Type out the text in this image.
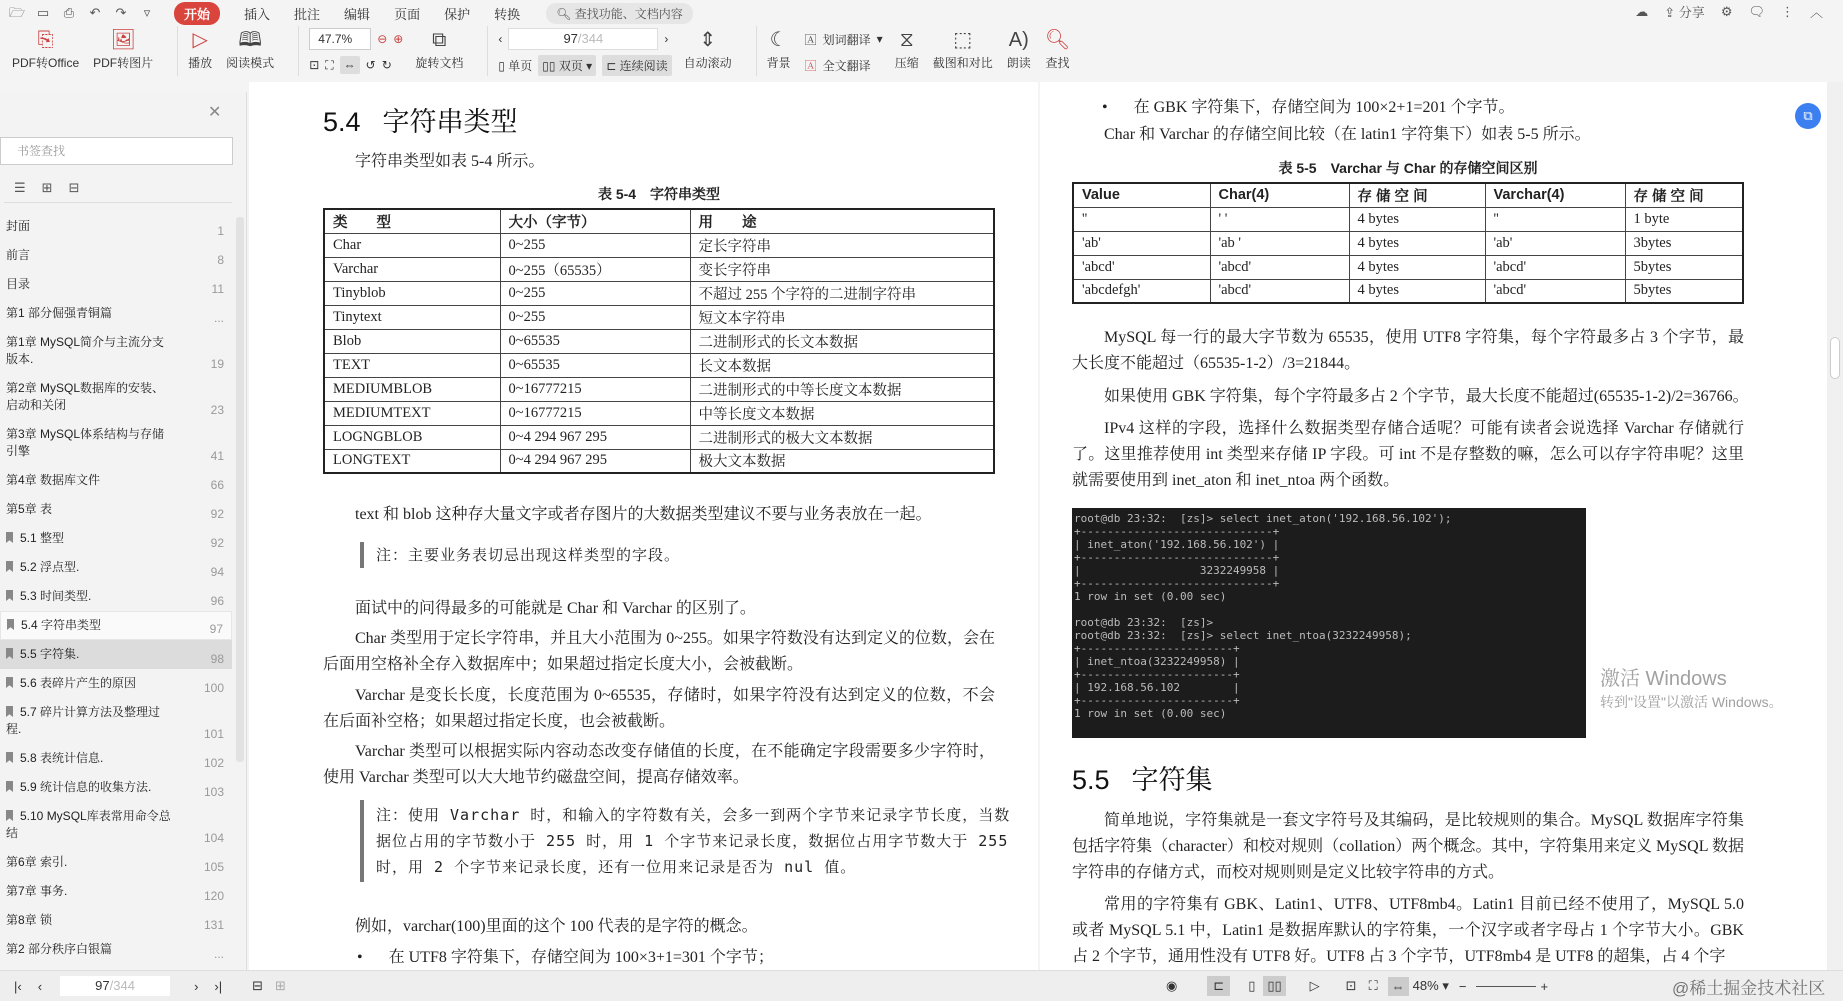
🗁 ▭ ⎙ ↶ ↷	▿	开始	插入 批注 编辑 页面 保护 转换	🔍︎ 查找功能、文档内容	☁ ⇪ 分享 ⚙ 🗨︎ ⋮ ︿
⎘
PDF转Office
🖼︎
PDF转图片
▷
播放
🕮
阅读模式
47.7%	⊖ ⊕
⊡ ⛶ ⇔ ↺ ↻
⧉
旋转文档
‹	97/344	›
▯ 单页 ▯▯ 双页 ▾	⊏ 连续阅读
⇕
自动滚动
☾
背景
🄰 划词翻译 ▾
🄰 全文翻译
⧖
压缩
⬚
截图和对比
A)
朗读
🔍︎
查找
✕
书签查找
☰ ⊞ ⊟
封面	1
前言	8
目录	11
第1 部分倔强青铜篇	...
第1章 MySQL简介与主流分支版本.	19
第2章 MySQL数据库的安装、启动和关闭	23
第3章 MySQL体系结构与存储引擎	41
第4章 数据库文件	66
第5章 表	92
5.1 整型	92
5.2 浮点型.	94
5.3 时间类型.	96
5.4 字符串类型	97
5.5 字符集.	98
5.6 表碎片产生的原因	100
5.7 碎片计算方法及整理过程.	101
5.8 表统计信息.	102
5.9 统计信息的收集方法.	103
5.10 MySQL库表常用命令总结	104
第6章 索引.	105
第7章 事务.	120
第8章 锁	131
第2 部分秩序白银篇	...
5.4 字符串类型
字符串类型如表 5-4 所示。
表 5-4　字符串类型
类　　型	大小（字节）	用　　途
Char	0~255	定长字符串
Varchar	0~255（65535）	变长字符串
Tinyblob	0~255	不超过 255 个字符的二进制字符串
Tinytext	0~255	短文本字符串
Blob	0~65535	二进制形式的长文本数据
TEXT	0~65535	长文本数据
MEDIUMBLOB	0~16777215	二进制形式的中等长度文本数据
MEDIUMTEXT	0~16777215	中等长度文本数据
LOGNGBLOB	0~4 294 967 295	二进制形式的极大文本数据
LONGTEXT	0~4 294 967 295	极大文本数据
text 和 blob 这种存大量文字或者存图片的大数据类型建议不要与业务表放在一起。
注：主要业务表切忌出现这样类型的字段。
面试中的问得最多的可能就是 Char 和 Varchar 的区别了。
Char 类型用于定长字符串，并且大小范围为 0~255。如果字符数没有达到定义的位数，会在后面用空格补全存入数据库中；如果超过指定长度大小，会被截断。
Varchar 是变长长度，长度范围为 0~65535，存储时，如果字符没有达到定义的位数，不会在后面补空格；如果超过指定长度，也会被截断。
Varchar 类型可以根据实际内容动态改变存储值的长度，在不能确定字段需要多少字符时，使用 Varchar 类型可以大大地节约磁盘空间，提高存储效率。
注：使用 Varchar 时，和输入的字符数有关，会多一到两个字节来记录字节长度，当数据位占用的字节数小于 255 时，用 1 个字节来记录长度，数据位占用字节数大于 255 时，用 2 个字节来记录长度，还有一位用来记录是否为 nul 值。
例如，varchar(100)里面的这个 100 代表的是字符的概念。
• 在 UTF8 字符集下，存储空间为 100×3+1=301 个字节；
• 在 GBK 字符集下，存储空间为 100×2+1=201 个字节。
Char 和 Varchar 的存储空间比较（在 latin1 字符集下）如表 5-5 所示。
表 5-5　Varchar 与 Char 的存储空间区别
Value	Char(4)	存 储 空 间	Varchar(4)	存 储 空 间
''	' '	4 bytes	''	1 byte
'ab'	'ab '	4 bytes	'ab'	3bytes
'abcd'	'abcd'	4 bytes	'abcd'	5bytes
'abcdefgh'	'abcd'	4 bytes	'abcd'	5bytes
MySQL 每一行的最大字节数为 65535，使用 UTF8 字符集，每个字符最多占 3 个字节，最大长度不能超过（65535-1-2）/3=21844。
如果使用 GBK 字符集，每个字符最多占 2 个字节，最大长度不能超过(65535-1-2)/2=36766。
IPv4 这样的字段，选择什么数据类型存储合适呢？可能有读者会说选择 Varchar 存储就行了。这里推荐使用 int 类型来存储 IP 字段。可 int 不是存整数的嘛，怎么可以存字符串呢？这里就需要使用到 inet_aton 和 inet_ntoa 两个函数。
root@db 23:32:  [zs]> select inet_aton('192.168.56.102');
+-----------------------------+
| inet_aton('192.168.56.102') |
+-----------------------------+
|                  3232249958 |
+-----------------------------+
1 row in set (0.00 sec)

root@db 23:32:  [zs]>
root@db 23:32:  [zs]> select inet_ntoa(3232249958);
+-----------------------+
| inet_ntoa(3232249958) |
+-----------------------+
| 192.168.56.102        |
+-----------------------+
1 row in set (0.00 sec)
激活 Windows
转到"设置"以激活 Windows。
5.5 字符集
简单地说，字符集就是一套文字符号及其编码，是比较规则的集合。MySQL 数据库字符集包括字符集（character）和校对规则（collation）两个概念。其中，字符集用来定义 MySQL 数据字符串的存储方式，而校对规则则是定义比较字符串的方式。
常用的字符集有 GBK、Latin1、UTF8、UTF8mb4。Latin1 目前已经不使用了，MySQL 5.0 或者 MySQL 5.1 中，Latin1 是数据库默认的字符集，一个汉字或者字母占 1 个字节大小。GBK 占 2 个字节，通用性没有 UTF8 好。UTF8 占 3 个字节，UTF8mb4 是 UTF8 的超集，占 4 个字
⧉
|‹ ‹	97/344	› ›| ⊟ ⊞	◉	⊏	▯ ▯▯	▷ ⊡ ⛶	⇔ 48% ▾ −	+	@稀土掘金技术社区
